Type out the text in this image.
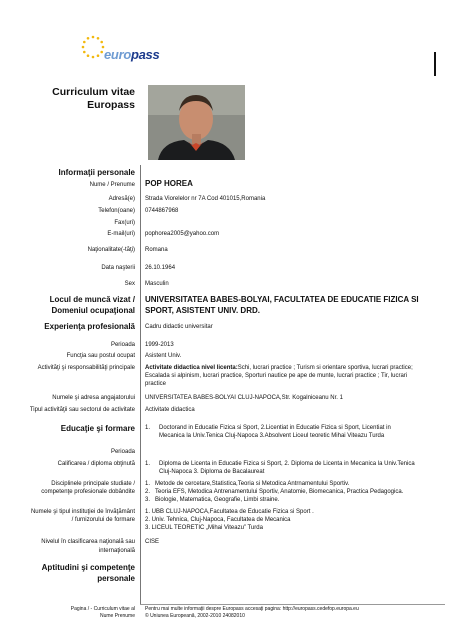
europass
Curriculum vitae
Europass
Informaţii personale
Nume / Prenume POP HOREA
Adresă(e) Strada Viorelelor nr 7A Cod 401015,Romania
Telefon(oane) 0744867968
Fax(uri)
E-mail(uri) pophorea2005@yahoo.com
Naţionalitate(-tăţi) Romana
Data naşterii 26.10.1964
Sex Masculin
Locul de muncă vizat /
Domeniul ocupaţional
UNIVERSITATEA BABES-BOLYAI, FACULTATEA DE EDUCATIE FIZICA SI
SPORT, ASISTENT UNIV. DRD.
Experienţa profesională Cadru didactic universitar
Perioada 1999-2013
Funcţia sau postul ocupat Asistent Univ.
Activităţi şi responsabilităţi principale Activitate didactica nivel licenta:Schi, lucrari practice ; Turism si orientare sportiva, lucrari practice;
Escalada si alpinism, lucrari practice, Sporturi nautice pe ape de munte, lucrari practice ; Tir, lucrari
practice
Numele şi adresa angajatorului UNIVERSITATEA BABES-BOLYAI CLUJ-NAPOCA,Str. Kogalniceanu Nr. 1
Tipul activităţii sau sectorul de activitate Activitate didactica
Educaţie şi formare 1. Doctorand in Educatie Fizica si Sport, 2.Licentiat in Educatie Fizica si Sport, Licentiat in
Mecanica la Univ.Tenica Cluj-Napoca 3.Absolvent Liceul teoretic Mihai Viteazu Turda
Perioada
Calificarea / diploma obţinută 1. Diploma de Licenta in Educatie Fizica si Sport, 2. Diploma de Licenta in Mecanica la Univ.Tenica
Cluj-Napoca 3. Diploma de Bacalaureat
Disciplinele principale studiate /
competenţe profesionale dobândite
1. Metode de cercetare,Statistica,Teoria si Metodica Antrnamentului Sportiv.
2. Teoria EFS, Metodica Antrenamentului Sportiv, Anatomie, Biomecanica, Practica Pedagogica.
3. Biologie, Matematica, Geografie, Limbi straine.
Numele şi tipul instituţiei de învăţământ
/ furnizorului de formare
1. UBB CLUJ-NAPOCA,Facultatea de Educatie Fizica si Sport .
2. Univ. Tehnica, Cluj-Napoca, Facultatea de Mecanica
3. LICEUL TEORETIC „Mihai Viteazu” Turda
Nivelul în clasificarea naţională sau
internaţională
CISE
Aptitudini şi competenţe
personale
Pagina / - Curriculum vitae al
Nume Prenume
Pentru mai multe informaţii despre Europass accesaţi pagina: http://europass.cedefop.europa.eu
© Uniunea Europeană, 2002-2010 24082010
